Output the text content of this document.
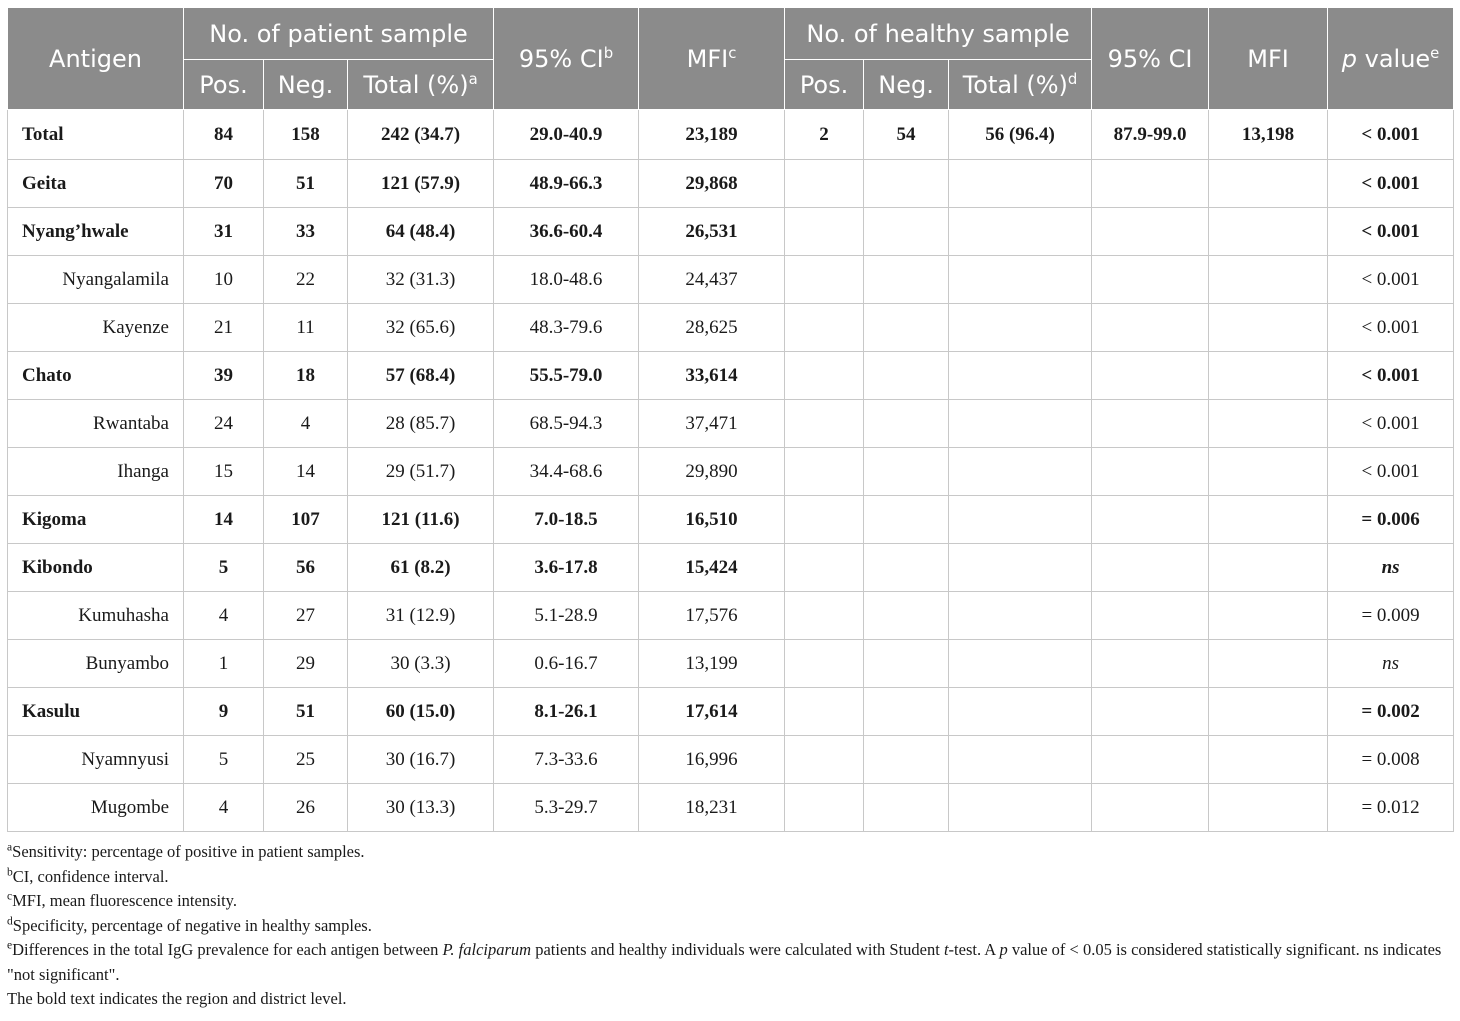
Antigen	No. of patient sample			95% $CI^b$	MFI$^c$	No. of healthy sample			95% CI	MFI	p value$^e$
	Pos.	Neg.	Total (%)$^a$			Pos.	Neg.	Total (%)$^d$
Total	84	158	242 (34.7)	29.0-40.9	23,189	2	54	56 (96.4)	87.9-99.0	13,198	< 0.001
Geita	70	51	121 (57.9)	48.9-66.3	29,868						< 0.001
Nyang’hwale	31	33	64 (48.4)	36.6-60.4	26,531						< 0.001
Nyangalamila	10	22	32 (31.3)	18.0-48.6	24,437						< 0.001
Kayenze	21	11	32 (65.6)	48.3-79.6	28,625						< 0.001
Chato	39	18	57 (68.4)	55.5-79.0	33,614						< 0.001
Rwantaba	24	4	28 (85.7)	68.5-94.3	37,471						< 0.001
Ihanga	15	14	29 (51.7)	34.4-68.6	29,890						< 0.001
Kigoma	14	107	121 (11.6)	7.0-18.5	16,510						= 0.006
Kibondo	5	56	61 (8.2)	3.6-17.8	15,424						ns
Kumuhasha	4	27	31 (12.9)	5.1-28.9	17,576						= 0.009
Bunyambo	1	29	30 (3.3)	0.6-16.7	13,199						ns
Kasulu	9	51	60 (15.0)	8.1-26.1	17,614						= 0.002
Nyamnyusi	5	25	30 (16.7)	7.3-33.6	16,996						= 0.008
Mugombe	4	26	30 (13.3)	5.3-29.7	18,231						= 0.012
$^a$Sensitivity: percentage of positive in patient samples.
$^b$CI, confidence interval.
$^c$MFI, mean fluorescence intensity.
$^d$Specificity, percentage of negative in healthy samples.
$^e$Differences in the total IgG prevalence for each antigen between P. falciparum patients and healthy individuals were calculated with Student t-test. A p value of < 0.05 is considered statistically significant. ns indicates "not significant".
The bold text indicates the region and district level.
